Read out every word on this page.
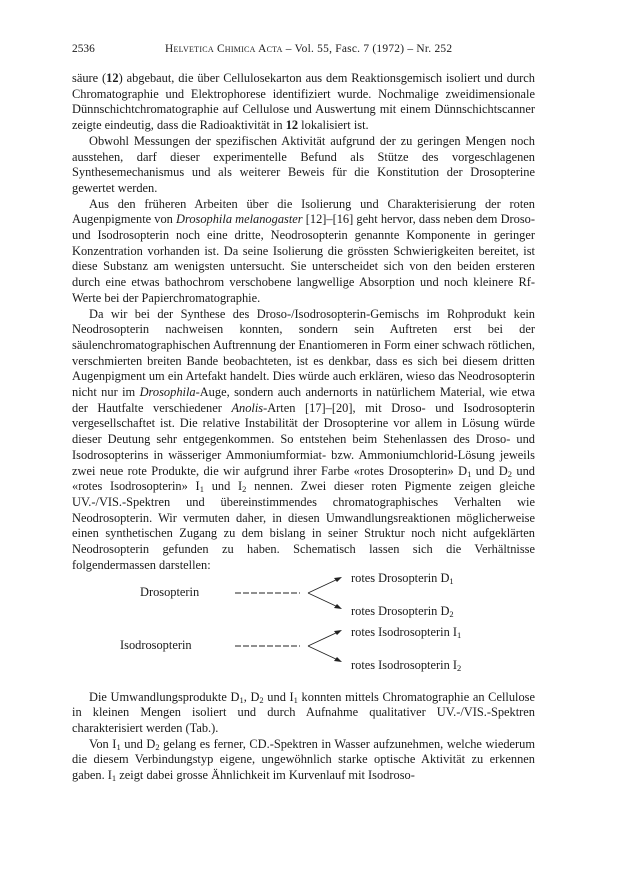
2536	Helvetica Chimica Acta – Vol. 55, Fasc. 7 (1972) – Nr. 252

säure (12) abgebaut, die über Cellulosekarton aus dem Reaktionsgemisch isoliert und durch Chromatographie und Elektrophorese identifiziert wurde. Nochmalige zweidimensionale Dünnschichtchromatographie auf Cellulose und Auswertung mit einem Dünnschichtscanner zeigte eindeutig, dass die Radioaktivität in 12 lokalisiert ist.

Obwohl Messungen der spezifischen Aktivität aufgrund der zu geringen Mengen noch ausstehen, darf dieser experimentelle Befund als Stütze des vorgeschlagenen Synthesemechanismus und als weiterer Beweis für die Konstitution der Drosopterine gewertet werden.

Aus den früheren Arbeiten über die Isolierung und Charakterisierung der roten Augenpigmente von Drosophila melanogaster [12]–[16] geht hervor, dass neben dem Droso- und Isodrosopterin noch eine dritte, Neodrosopterin genannte Komponente in geringer Konzentration vorhanden ist. Da seine Isolierung die grössten Schwierigkeiten bereitet, ist diese Substanz am wenigsten untersucht. Sie unterscheidet sich von den beiden ersteren durch eine etwas bathochrom verschobene langwellige Absorption und noch kleinere Rf-Werte bei der Papierchromatographie.

Da wir bei der Synthese des Droso-/Isodrosopterin-Gemischs im Rohprodukt kein Neodrosopterin nachweisen konnten, sondern sein Auftreten erst bei der säulenchromatographischen Auftrennung der Enantiomeren in Form einer schwach rötlichen, verschmierten breiten Bande beobachteten, ist es denkbar, dass es sich bei diesem dritten Augenpigment um ein Artefakt handelt. Dies würde auch erklären, wieso das Neodrosopterin nicht nur im Drosophila-Auge, sondern auch andernorts in natürlichem Material, wie etwa der Hautfalte verschiedener Anolis-Arten [17]–[20], mit Droso- und Isodrosopterin vergesellschaftet ist. Die relative Instabilität der Drosopterine vor allem in Lösung würde dieser Deutung sehr entgegenkommen. So entstehen beim Stehenlassen des Droso- und Isodrosopterins in wässeriger Ammoniumformiat- bzw. Ammoniumchlorid-Lösung jeweils zwei neue rote Produkte, die wir aufgrund ihrer Farbe «rotes Drosopterin» $D_1$ und $D_2$ und «rotes Isodrosopterin» $I_1$ und $I_2$ nennen. Zwei dieser roten Pigmente zeigen gleiche UV.-/VIS.-Spektren und übereinstimmendes chromatographisches Verhalten wie Neodrosopterin. Wir vermuten daher, in diesen Umwandlungsreaktionen möglicherweise einen synthetischen Zugang zu dem bislang in seiner Struktur noch nicht aufgeklärten Neodrosopterin gefunden zu haben. Schematisch lassen sich die Verhältnisse folgendermassen darstellen:

Drosopterin
rotes Drosopterin $D_1$
rotes Drosopterin $D_2$
Isodrosopterin
rotes Isodrosopterin $I_1$
rotes Isodrosopterin $I_2$

Die Umwandlungsprodukte $D_1$, $D_2$ und $I_1$ konnten mittels Chromatographie an Cellulose in kleinen Mengen isoliert und durch Aufnahme qualitativer UV.-/VIS.-Spektren charakterisiert werden (Tab.).

Von $I_1$ und $D_2$ gelang es ferner, CD.-Spektren in Wasser aufzunehmen, welche wiederum die diesem Verbindungstyp eigene, ungewöhnlich starke optische Aktivität zu erkennen gaben. $I_1$ zeigt dabei grosse Ähnlichkeit im Kurvenlauf mit Isodroso-
